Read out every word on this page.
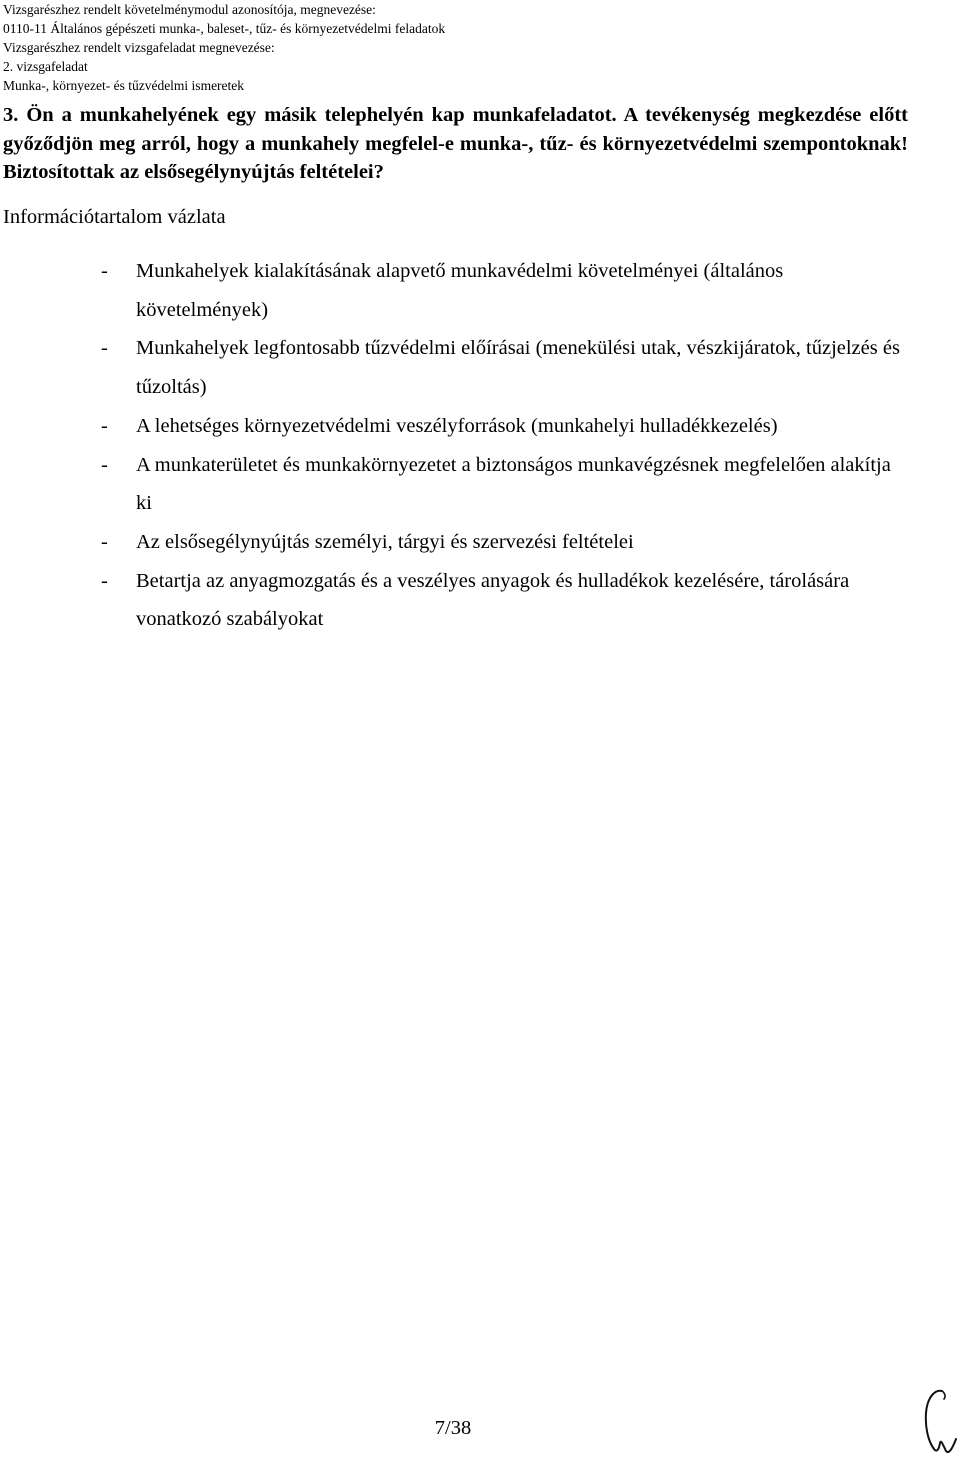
Vizsgarészhez rendelt követelménymodul azonosítója, megnevezése:
0110-11 Általános gépészeti munka-, baleset-, tűz- és környezetvédelmi feladatok
Vizsgarészhez rendelt vizsgafeladat megnevezése:
2. vizsgafeladat
Munka-, környezet- és tűzvédelmi ismeretek
3. Ön a munkahelyének egy másik telephelyén kap munkafeladatot. A tevékenység megkezdése előtt győződjön meg arról, hogy a munkahely megfelel-e munka-, tűz- és környezetvédelmi szempontoknak! Biztosítottak az elsősegélynyújtás feltételei?
Információtartalom vázlata
- Munkahelyek kialakításának alapvető munkavédelmi követelményei (általános követelmények)
- Munkahelyek legfontosabb tűzvédelmi előírásai (menekülési utak, vészkijáratok, tűzjelzés és tűzoltás)
- A lehetséges környezetvédelmi veszélyforrások (munkahelyi hulladékkezelés)
- A munkaterületet és munkakörnyezetet a biztonságos munkavégzésnek megfelelően alakítja ki
- Az elsősegélynyújtás személyi, tárgyi és szervezési feltételei
- Betartja az anyagmozgatás és a veszélyes anyagok és hulladékok kezelésére, tárolására vonatkozó szabályokat
7/38
